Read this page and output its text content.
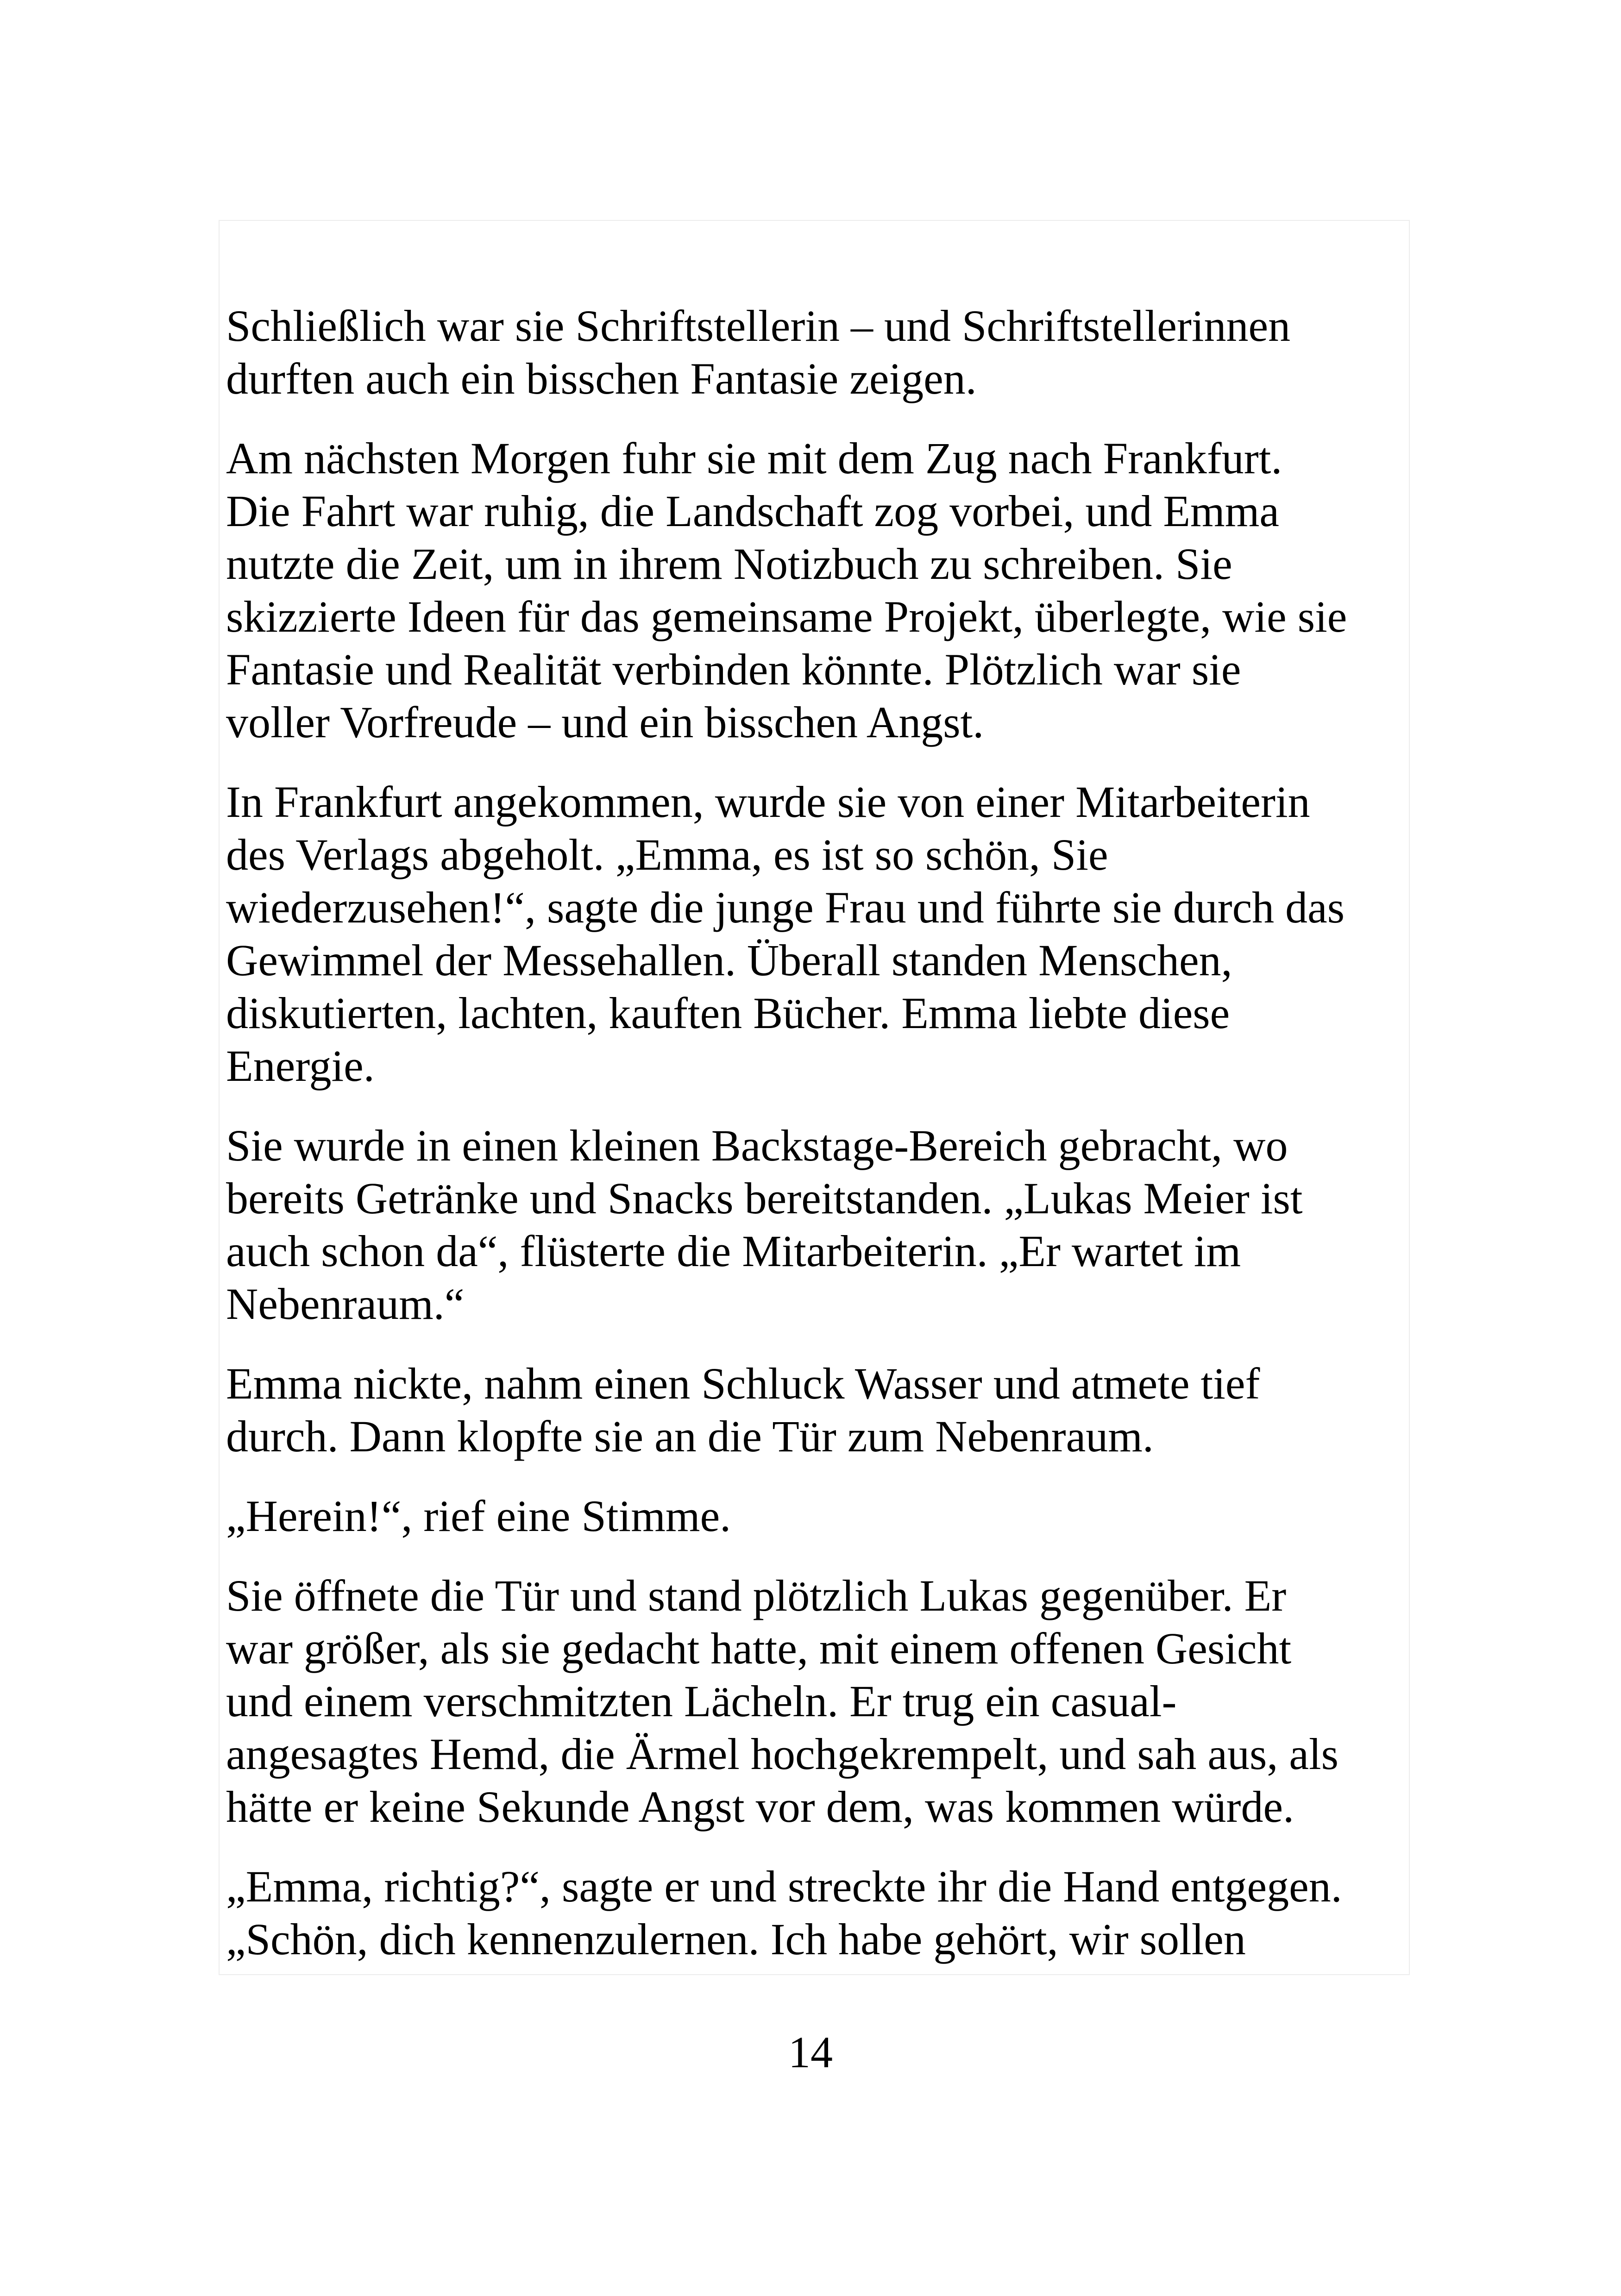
Schließlich war sie Schriftstellerin – und Schriftstellerinnen
durften auch ein bisschen Fantasie zeigen.

Am nächsten Morgen fuhr sie mit dem Zug nach Frankfurt.
Die Fahrt war ruhig, die Landschaft zog vorbei, und Emma
nutzte die Zeit, um in ihrem Notizbuch zu schreiben. Sie
skizzierte Ideen für das gemeinsame Projekt, überlegte, wie sie
Fantasie und Realität verbinden könnte. Plötzlich war sie
voller Vorfreude – und ein bisschen Angst.

In Frankfurt angekommen, wurde sie von einer Mitarbeiterin
des Verlags abgeholt. „Emma, es ist so schön, Sie
wiederzusehen!“, sagte die junge Frau und führte sie durch das
Gewimmel der Messehallen. Überall standen Menschen,
diskutierten, lachten, kauften Bücher. Emma liebte diese
Energie.

Sie wurde in einen kleinen Backstage-Bereich gebracht, wo
bereits Getränke und Snacks bereitstanden. „Lukas Meier ist
auch schon da“, flüsterte die Mitarbeiterin. „Er wartet im
Nebenraum.“

Emma nickte, nahm einen Schluck Wasser und atmete tief
durch. Dann klopfte sie an die Tür zum Nebenraum.

„Herein!“, rief eine Stimme.

Sie öffnete die Tür und stand plötzlich Lukas gegenüber. Er
war größer, als sie gedacht hatte, mit einem offenen Gesicht
und einem verschmitzten Lächeln. Er trug ein casual-
angesagtes Hemd, die Ärmel hochgekrempelt, und sah aus, als
hätte er keine Sekunde Angst vor dem, was kommen würde.

„Emma, richtig?“, sagte er und streckte ihr die Hand entgegen.
„Schön, dich kennenzulernen. Ich habe gehört, wir sollen

14
